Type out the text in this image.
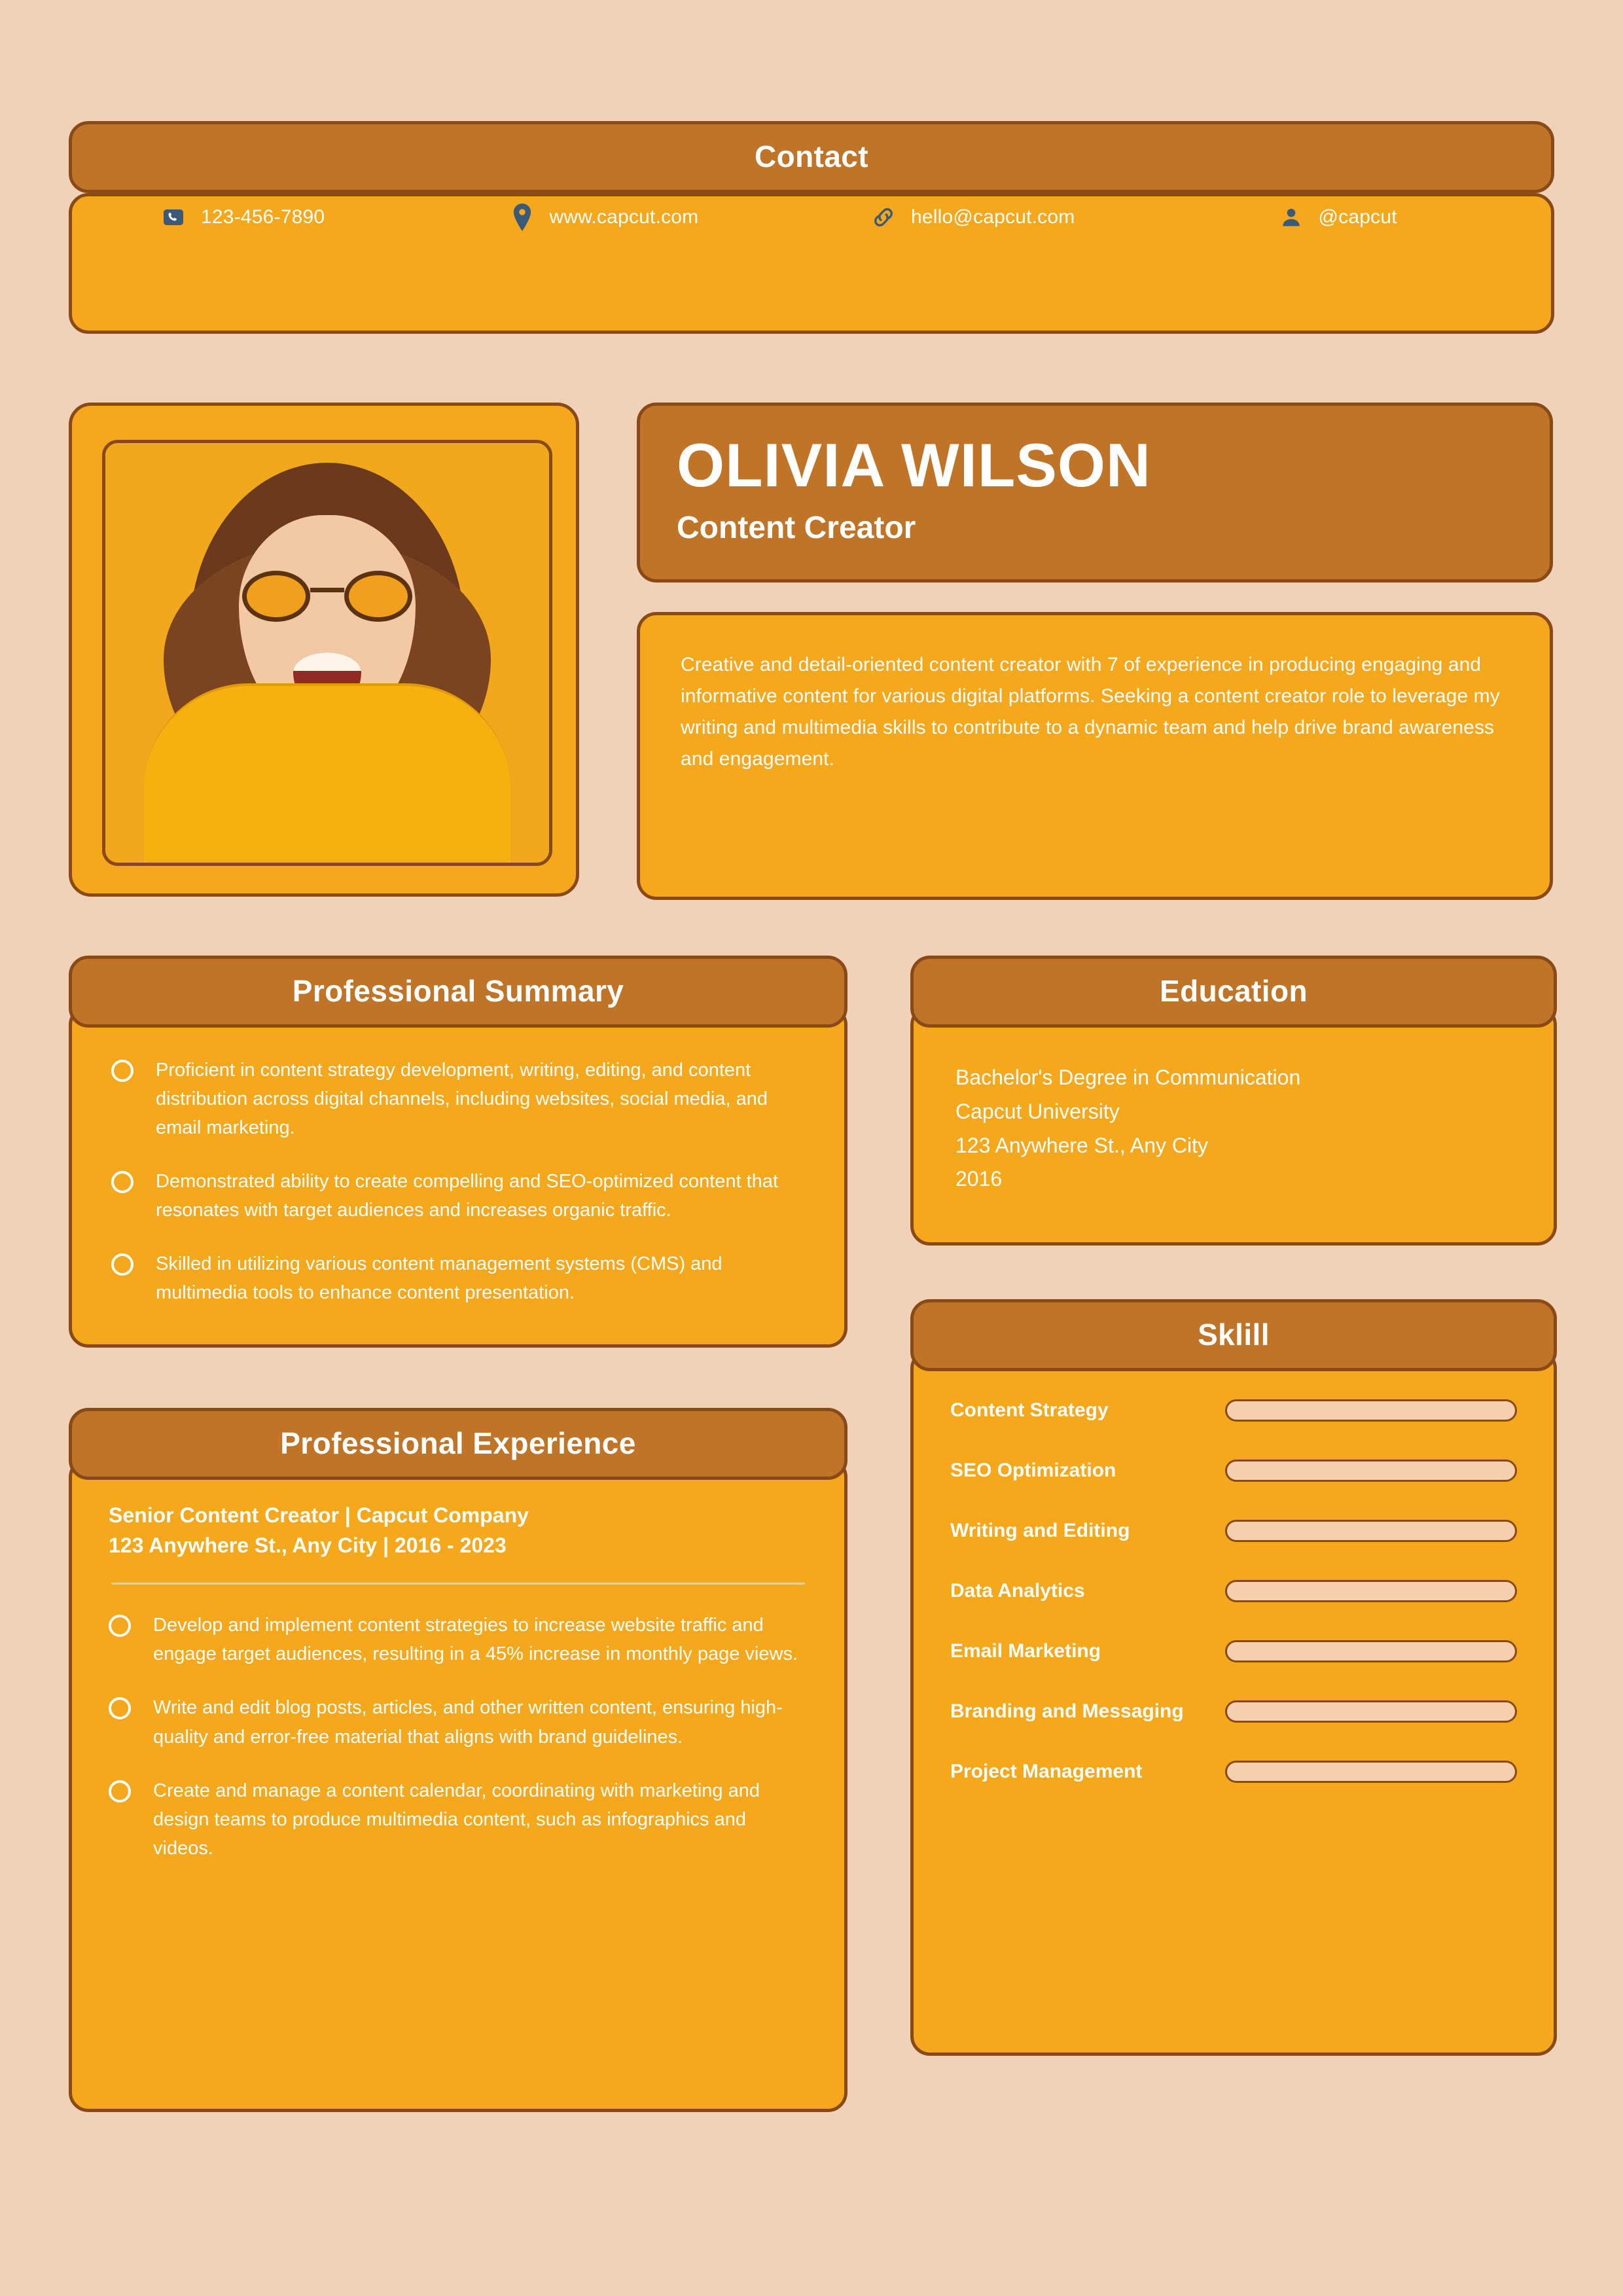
Contact
123-456-7890	www.capcut.com	hello@capcut.com	@capcut
OLIVIA WILSON
Content Creator

Creative and detail-oriented content creator with 7 of experience in producing engaging and informative content for various digital platforms. Seeking a content creator role to leverage my writing and multimedia skills to contribute to a dynamic team and help drive brand awareness and engagement.

Professional Summary
Proficient in content strategy development, writing, editing, and content distribution across digital channels, including websites, social media, and email marketing.
Demonstrated ability to create compelling and SEO-optimized content that resonates with target audiences and increases organic traffic.
Skilled in utilizing various content management systems (CMS) and multimedia tools to enhance content presentation.
Professional Experience
Senior Content Creator | Capcut Company
123 Anywhere St., Any City | 2016 - 2023
Develop and implement content strategies to increase website traffic and engage target audiences, resulting in a 45% increase in monthly page views.
Write and edit blog posts, articles, and other written content, ensuring high-quality and error-free material that aligns with brand guidelines.
Create and manage a content calendar, coordinating with marketing and design teams to produce multimedia content, such as infographics and videos.
Education
Bachelor's Degree in Communication
Capcut University
123 Anywhere St., Any City
2016
Sklill
Content Strategy
SEO Optimization
Writing and Editing
Data Analytics
Email Marketing
Branding and Messaging
Project Management
